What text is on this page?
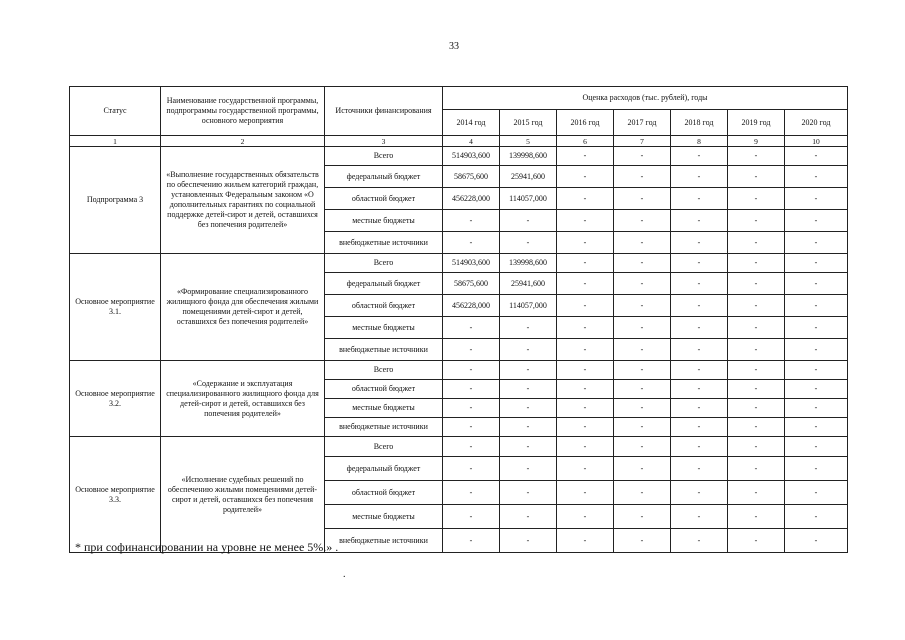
33
Статус	Наименование государственной программы, подпрограммы государственной программы, основного мероприятия	Источники финансирования	Оценка расходов (тыс. рублей), годы						
			2014 год	2015 год	2016 год	2017 год	2018 год	2019 год	2020 год
1	2	3	4	5	6	7	8	9	10
Подпрограмма 3	«Выполнение государственных обязательств по обеспечению жильем категорий граждан, установленных Федеральным законом «О дополнительных гарантиях по социальной поддержке детей-сирот и детей, оставшихся без попечения родителей»	Всего	514903,600	139998,600	-	-	-	-	-
		федеральный бюджет	58675,600	25941,600	-	-	-	-	-
		областной бюджет	456228,000	114057,000	-	-	-	-	-
		местные бюджеты	-	-	-	-	-	-	-
		внебюджетные источники	-	-	-	-	-	-	-
Основное мероприятие 3.1.	«Формирование специализированного жилищного фонда для обеспечения жилыми помещениями детей-сирот и детей, оставшихся без попечения родителей»	Всего	514903,600	139998,600	-	-	-	-	-
		федеральный бюджет	58675,600	25941,600	-	-	-	-	-
		областной бюджет	456228,000	114057,000	-	-	-	-	-
		местные бюджеты	-	-	-	-	-	-	-
		внебюджетные источники	-	-	-	-	-	-	-
Основное мероприятие 3.2.	«Содержание и эксплуатация специализированного жилищного фонда для детей-сирот и детей, оставшихся без попечения родителей»	Всего	-	-	-	-	-	-	-
		областной бюджет	-	-	-	-	-	-	-
		местные бюджеты	-	-	-	-	-	-	-
		внебюджетные источники	-	-	-	-	-	-	-
Основное мероприятие 3.3.	«Исполнение судебных решений по обеспечению жилыми помещениями детей-сирот и детей, оставшихся без попечения родителей»	Всего	-	-	-	-	-	-	-
		федеральный бюджет	-	-	-	-	-	-	-
		областной бюджет	-	-	-	-	-	-	-
		местные бюджеты	-	-	-	-	-	-	-
		внебюджетные источники	-	-	-	-	-	-	-
* при софинансировании на уровне не менее 5%.» .
.
